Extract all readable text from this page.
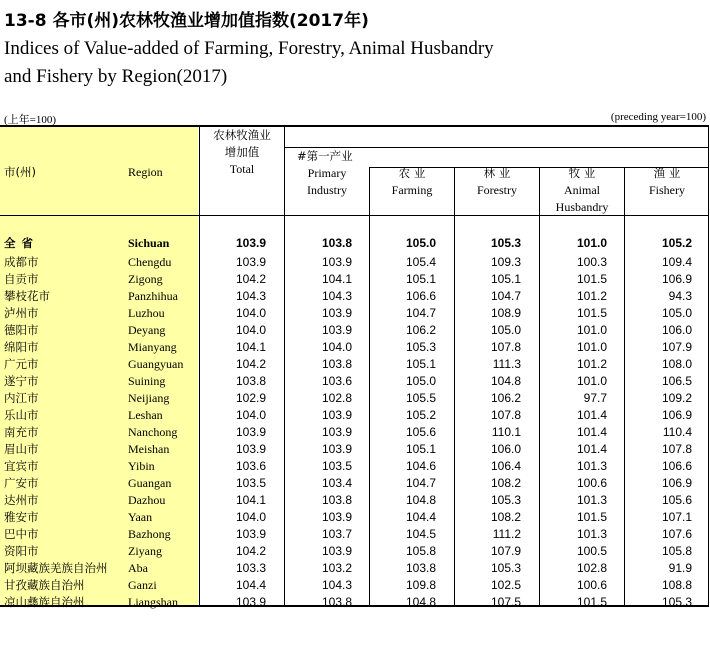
13-8 各市(州)农林牧渔业增加值指数(2017年)
Indices of Value-added of Farming, Forestry, Animal Husbandry
and Fishery by Region(2017)
(上年=100)	(preceding year=100)
市(州)	Region
农林牧渔业
增加值
Total
#第一产业
Primary
Industry
农 业
Farming
林 业
Forestry
牧 业
Animal
Husbandry
渔 业
Fishery
全省	Sichuan	103.9	103.8	105.0	105.3	101.0	105.2
成都市	Chengdu	103.9	103.9	105.4	109.3	100.3	109.4
自贡市	Zigong	104.2	104.1	105.1	105.1	101.5	106.9
攀枝花市	Panzhihua	104.3	104.3	106.6	104.7	101.2	94.3
泸州市	Luzhou	104.0	103.9	104.7	108.9	101.5	105.0
德阳市	Deyang	104.0	103.9	106.2	105.0	101.0	106.0
绵阳市	Mianyang	104.1	104.0	105.3	107.8	101.0	107.9
广元市	Guangyuan	104.2	103.8	105.1	111.3	101.2	108.0
遂宁市	Suining	103.8	103.6	105.0	104.8	101.0	106.5
内江市	Neijiang	102.9	102.8	105.5	106.2	97.7	109.2
乐山市	Leshan	104.0	103.9	105.2	107.8	101.4	106.9
南充市	Nanchong	103.9	103.9	105.6	110.1	101.4	110.4
眉山市	Meishan	103.9	103.9	105.1	106.0	101.4	107.8
宜宾市	Yibin	103.6	103.5	104.6	106.4	101.3	106.6
广安市	Guangan	103.5	103.4	104.7	108.2	100.6	106.9
达州市	Dazhou	104.1	103.8	104.8	105.3	101.3	105.6
雅安市	Yaan	104.0	103.9	104.4	108.2	101.5	107.1
巴中市	Bazhong	103.9	103.7	104.5	111.2	101.3	107.6
资阳市	Ziyang	104.2	103.9	105.8	107.9	100.5	105.8
阿坝藏族羌族自治州 Aba	103.3	103.2	103.8	105.3	102.8	91.9
甘孜藏族自治州	Ganzi	104.4	104.3	109.8	102.5	100.6	108.8
凉山彝族自治州	Liangshan	103.9	103.8	104.8	107.5	101.5	105.3
